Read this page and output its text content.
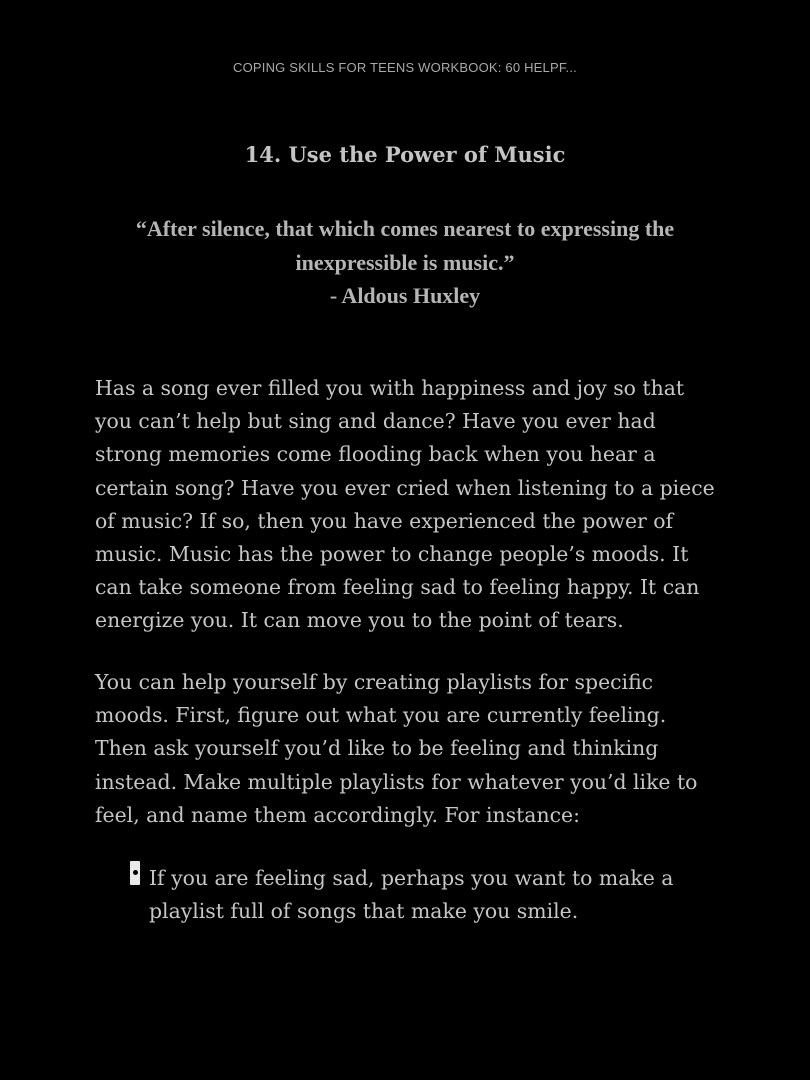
COPING SKILLS FOR TEENS WORKBOOK: 60 HELPF...
14. Use the Power of Music
“After silence, that which comes nearest to expressing the inexpressible is music.”
- Aldous Huxley

Has a song ever filled you with happiness and joy so that you can’t help but sing and dance? Have you ever had strong memories come flooding back when you hear a certain song? Have you ever cried when listening to a piece of music? If so, then you have experienced the power of music. Music has the power to change people’s moods. It can take someone from feeling sad to feeling happy. It can energize you. It can move you to the point of tears.

You can help yourself by creating playlists for specific moods. First, figure out what you are currently feeling. Then ask yourself you’d like to be feeling and thinking instead. Make multiple playlists for whatever you’d like to feel, and name them accordingly. For instance:

If you are feeling sad, perhaps you want to make a playlist full of songs that make you smile.
